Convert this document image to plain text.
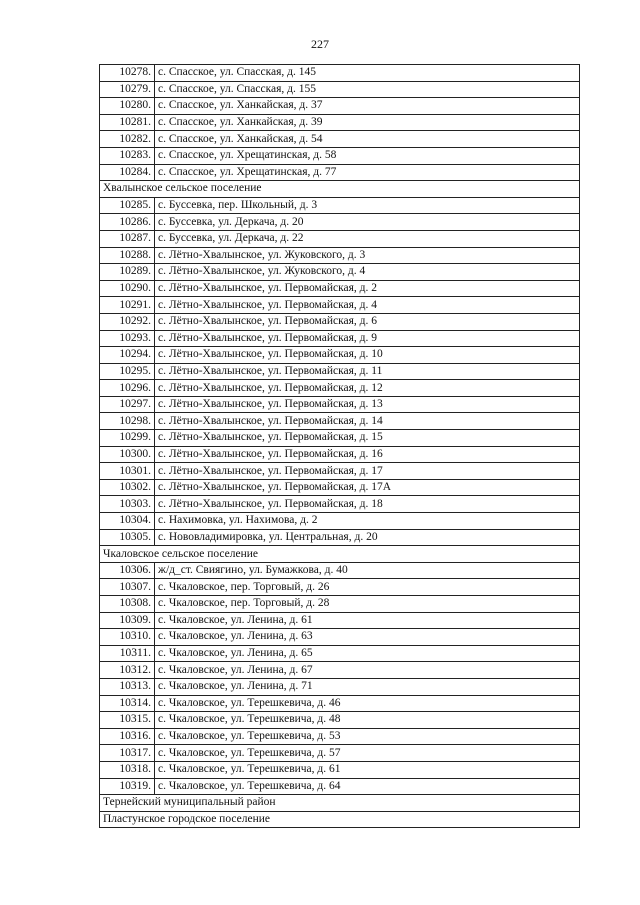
227
10278.	с. Спасское, ул. Спасская, д. 145
10279.	с. Спасское, ул. Спасская, д. 155
10280.	с. Спасское, ул. Ханкайская, д. 37
10281.	с. Спасское, ул. Ханкайская, д. 39
10282.	с. Спасское, ул. Ханкайская, д. 54
10283.	с. Спасское, ул. Хрещатинская, д. 58
10284.	с. Спасское, ул. Хрещатинская, д. 77
Хвалынское сельское поселение	
10285.	с. Буссевка, пер. Школьный, д. 3
10286.	с. Буссевка, ул. Деркача, д. 20
10287.	с. Буссевка, ул. Деркача, д. 22
10288.	с. Лётно-Хвалынское, ул. Жуковского, д. 3
10289.	с. Лётно-Хвалынское, ул. Жуковского, д. 4
10290.	с. Лётно-Хвалынское, ул. Первомайская, д. 2
10291.	с. Лётно-Хвалынское, ул. Первомайская, д. 4
10292.	с. Лётно-Хвалынское, ул. Первомайская, д. 6
10293.	с. Лётно-Хвалынское, ул. Первомайская, д. 9
10294.	с. Лётно-Хвалынское, ул. Первомайская, д. 10
10295.	с. Лётно-Хвалынское, ул. Первомайская, д. 11
10296.	с. Лётно-Хвалынское, ул. Первомайская, д. 12
10297.	с. Лётно-Хвалынское, ул. Первомайская, д. 13
10298.	с. Лётно-Хвалынское, ул. Первомайская, д. 14
10299.	с. Лётно-Хвалынское, ул. Первомайская, д. 15
10300.	с. Лётно-Хвалынское, ул. Первомайская, д. 16
10301.	с. Лётно-Хвалынское, ул. Первомайская, д. 17
10302.	с. Лётно-Хвалынское, ул. Первомайская, д. 17А
10303.	с. Лётно-Хвалынское, ул. Первомайская, д. 18
10304.	с. Нахимовка, ул. Нахимова, д. 2
10305.	с. Нововладимировка, ул. Центральная, д. 20
Чкаловское сельское поселение	
10306.	ж/д_ст. Свиягино, ул. Бумажкова, д. 40
10307.	с. Чкаловское, пер. Торговый, д. 26
10308.	с. Чкаловское, пер. Торговый, д. 28
10309.	с. Чкаловское, ул. Ленина, д. 61
10310.	с. Чкаловское, ул. Ленина, д. 63
10311.	с. Чкаловское, ул. Ленина, д. 65
10312.	с. Чкаловское, ул. Ленина, д. 67
10313.	с. Чкаловское, ул. Ленина, д. 71
10314.	с. Чкаловское, ул. Терешкевича, д. 46
10315.	с. Чкаловское, ул. Терешкевича, д. 48
10316.	с. Чкаловское, ул. Терешкевича, д. 53
10317.	с. Чкаловское, ул. Терешкевича, д. 57
10318.	с. Чкаловское, ул. Терешкевича, д. 61
10319.	с. Чкаловское, ул. Терешкевича, д. 64
Тернейский муниципальный район	
Пластунское городское поселение	
